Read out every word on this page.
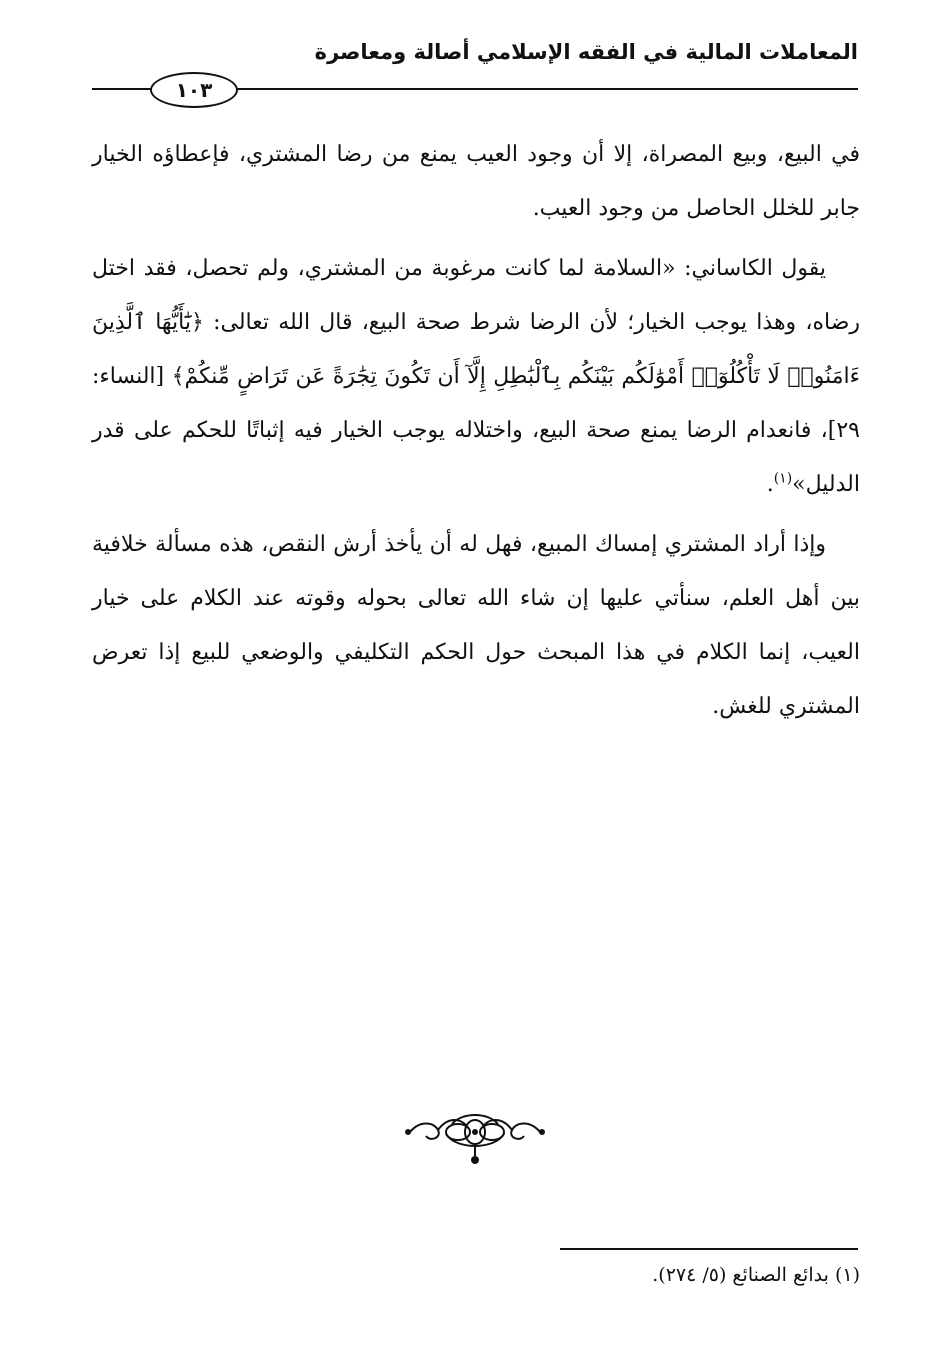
المعاملات المالية في الفقه الإسلامي أصالة ومعاصرة
١٠٣

في البيع، وبيع المصراة، إلا أن وجود العيب يمنع من رضا المشتري، فإعطاؤه الخيار جابر للخلل الحاصل من وجود العيب.

يقول الكاساني: «السلامة لما كانت مرغوبة من المشتري، ولم تحصل، فقد اختل رضاه، وهذا يوجب الخيار؛ لأن الرضا شرط صحة البيع، قال الله تعالى: ﴿يَٰٓأَيُّهَا ٱلَّذِينَ ءَامَنُوا۟ لَا تَأْكُلُوٓا۟ أَمْوَٰلَكُم بَيْنَكُم بِٱلْبَٰطِلِ إِلَّآ أَن تَكُونَ تِجَٰرَةً عَن تَرَاضٍ مِّنكُمْ﴾ [النساء: ٢٩]، فانعدام الرضا يمنع صحة البيع، واختلاله يوجب الخيار فيه إثباتًا للحكم على قدر الدليل»$^{(١)}$.

وإذا أراد المشتري إمساك المبيع، فهل له أن يأخذ أرش النقص، هذه مسألة خلافية بين أهل العلم، سنأتي عليها إن شاء الله تعالى بحوله وقوته عند الكلام على خيار العيب، إنما الكلام في هذا المبحث حول الحكم التكليفي والوضعي للبيع إذا تعرض المشتري للغش.

(١) بدائع الصنائع (٥/ ٢٧٤).
